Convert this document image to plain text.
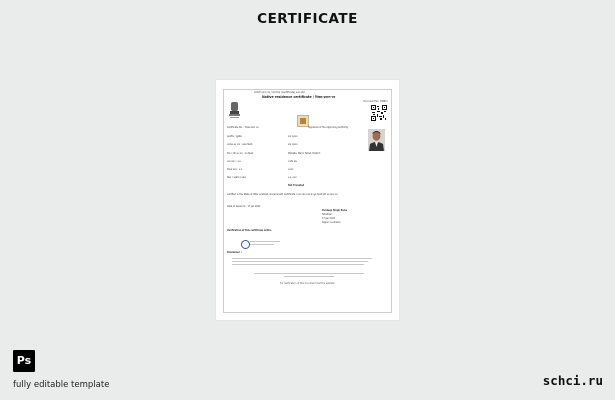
CERTIFICATE
सरकारी प्रमाण पत्र / प्रमाणपत्र (Certificate) उत्तर प्रदेश
Native residence certificate / निवास प्रमाण पत्र
Document No. 79880 I
Signature of the Approving Authority
Certificate No. : निवास प्रमाण पत्र
सत्यापित / सुरक्षित
आवेदक का नाम : कमल किशोर
पिता / पति का नाम : राम किशोर
जन्म स्थान : उ.प्र.
निवास स्थान : उ.प्र.
जिला / तहसील / ब्लॉक
ग्राम पंचायत
ग्राम पंचायत
Mohalla, Ward, Tehsil, District
नगरीय क्षेत्र
जनपद
उ.प्र. राज्य
Not Provided
certified in the State of Uttar pradesh, Government Certificate / उत्तर प्रदेश राज्य के मूल निवासी होने का प्रमाण पत्र
Date of Issuance : 17 Jan 2021
Pardeep Singh Rana
Tehsildar
17 Jan 2021
Rajpur, Ludhiana
Verification of this certificate online
Disclaimer :
For Verification of this document visit the website
Ps
fully editable template	schci.ru
